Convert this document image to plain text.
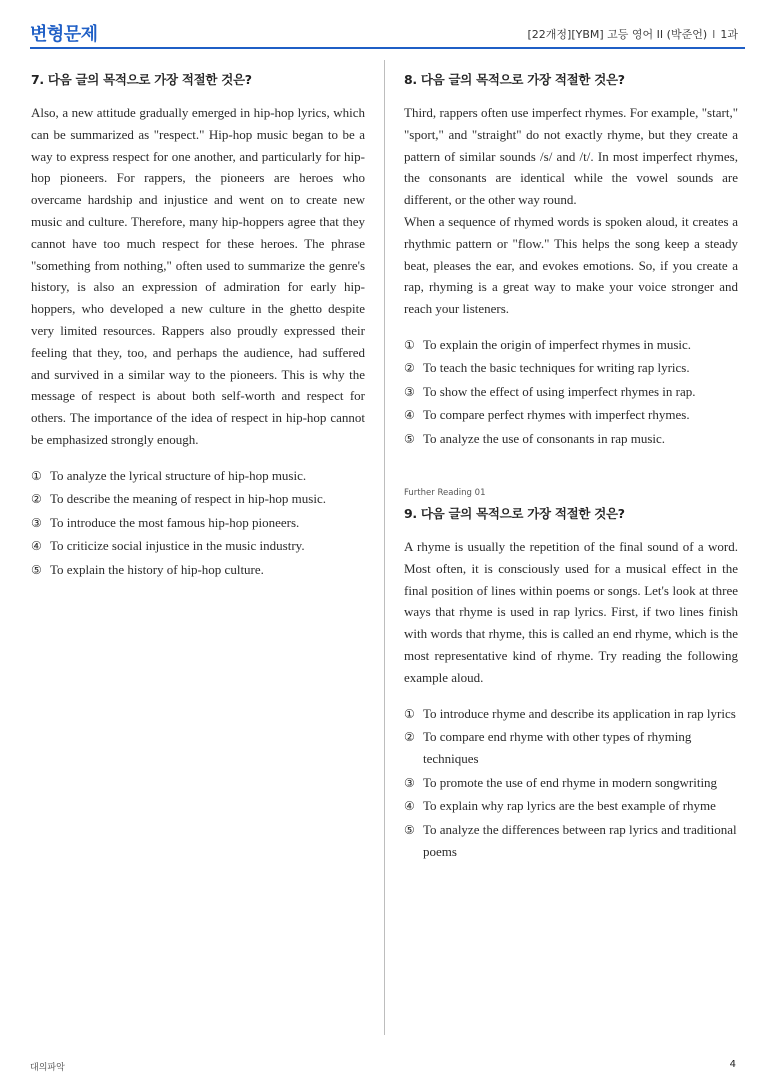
변형문제	[22개정][YBM] 고등 영어 II (박준언) I 1과
7. 다음 글의 목적으로 가장 적절한 것은?
Also, a new attitude gradually emerged in hip-hop lyrics, which can be summarized as "respect." Hip-hop music began to be a way to express respect for one another, and particularly for hip-hop pioneers. For rappers, the pioneers are heroes who overcame hardship and injustice and went on to create new music and culture. Therefore, many hip-hoppers agree that they cannot have too much respect for these heroes. The phrase "something from nothing," often used to summarize the genre's history, is also an expression of admiration for early hip-hoppers, who developed a new culture in the ghetto despite very limited resources. Rappers also proudly expressed their feeling that they, too, and perhaps the audience, had suffered and survived in a similar way to the pioneers. This is why the message of respect is about both self-worth and respect for others. The importance of the idea of respect in hip-hop cannot be emphasized strongly enough.
① To analyze the lyrical structure of hip-hop music.
② To describe the meaning of respect in hip-hop music.
③ To introduce the most famous hip-hop pioneers.
④ To criticize social injustice in the music industry.
⑤ To explain the history of hip-hop culture.
8. 다음 글의 목적으로 가장 적절한 것은?

Third, rappers often use imperfect rhymes. For example, "start," "sport," and "straight" do not exactly rhyme, but they create a pattern of similar sounds /s/ and /t/. In most imperfect rhymes, the consonants are identical while the vowel sounds are different, or the other way round.

When a sequence of rhymed words is spoken aloud, it creates a rhythmic pattern or "flow." This helps the song keep a steady beat, pleases the ear, and evokes emotions. So, if you create a rap, rhyming is a great way to make your voice stronger and reach your listeners.

① To explain the origin of imperfect rhymes in music.
② To teach the basic techniques for writing rap lyrics.
③ To show the effect of using imperfect rhymes in rap.
④ To compare perfect rhymes with imperfect rhymes.
⑤ To analyze the use of consonants in rap music.
Further Reading 01
9. 다음 글의 목적으로 가장 적절한 것은?
A rhyme is usually the repetition of the final sound of a word. Most often, it is consciously used for a musical effect in the final position of lines within poems or songs. Let's look at three ways that rhyme is used in rap lyrics. First, if two lines finish with words that rhyme, this is called an end rhyme, which is the most representative kind of rhyme. Try reading the following example aloud.
① To introduce rhyme and describe its application in rap lyrics
② To compare end rhyme with other types of rhyming techniques
③ To promote the use of end rhyme in modern songwriting
④ To explain why rap lyrics are the best example of rhyme
⑤ To analyze the differences between rap lyrics and traditional poems
대의파악	4
